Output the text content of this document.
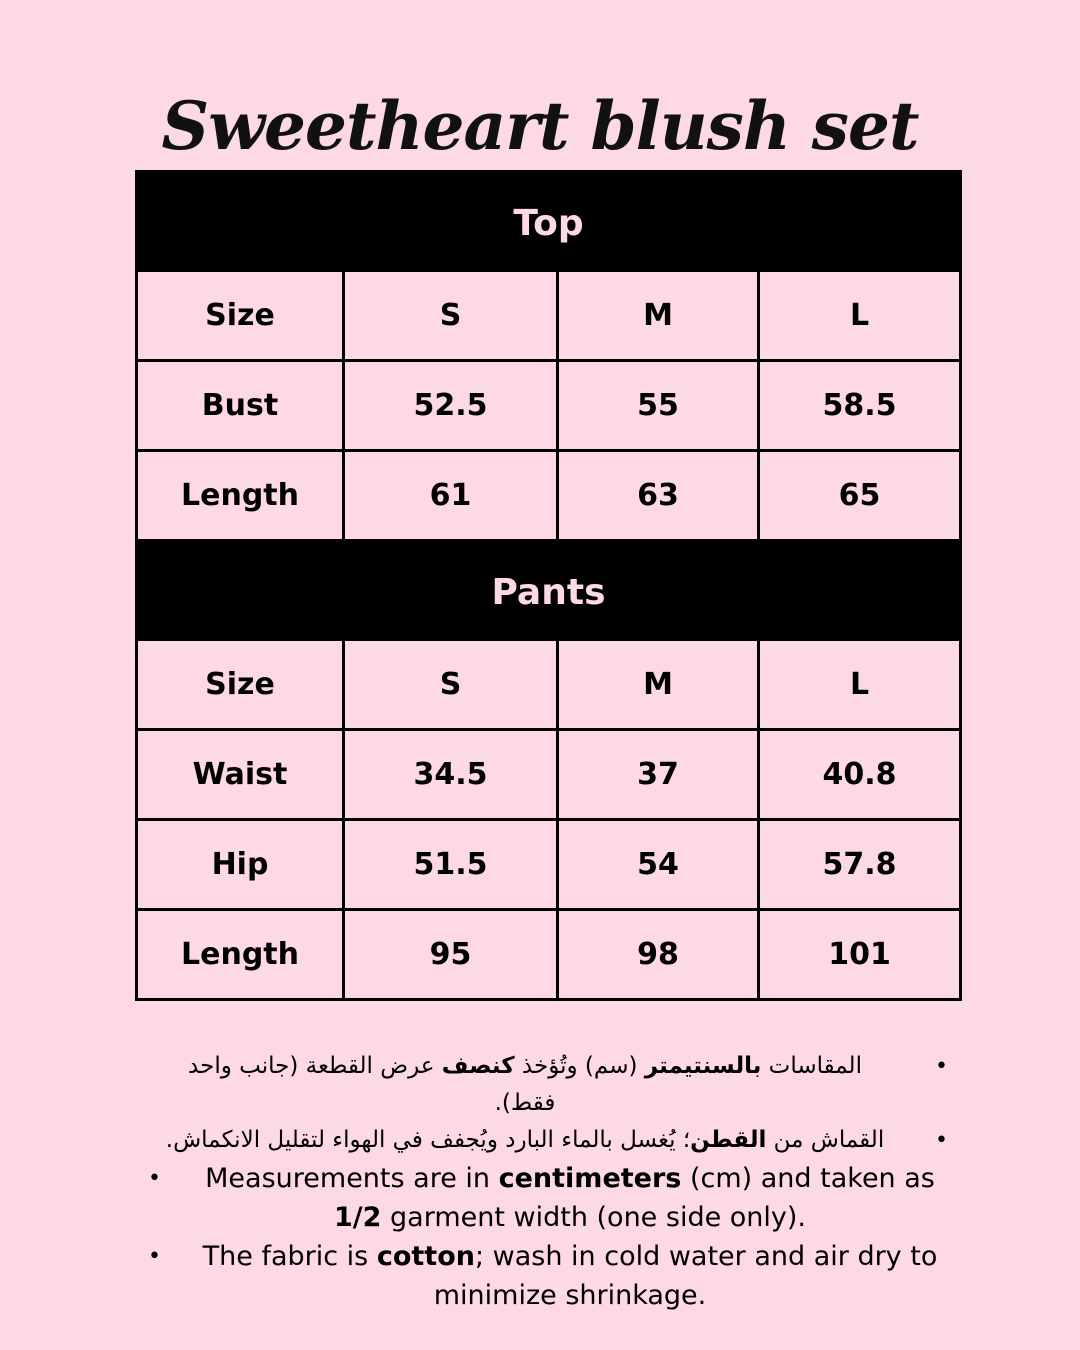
Sweetheart blush set
Top			
Size	S	M	L
Bust	52.5	55	58.5
Length	61	63	65
Pants			
Size	S	M	L
Waist	34.5	37	40.8
Hip	51.5	54	57.8
Length	95	98	101
•
المقاسات بالسنتيمتر (سم) وتُؤخذ كنصف عرض القطعة (جانب واحد فقط).
•
القماش من القطن؛ يُغسل بالماء البارد ويُجفف في الهواء لتقليل الانكماش.
• Measurements are in centimeters (cm) and taken as 1/2 garment width (one side only).
• The fabric is cotton; wash in cold water and air dry to minimize shrinkage.
